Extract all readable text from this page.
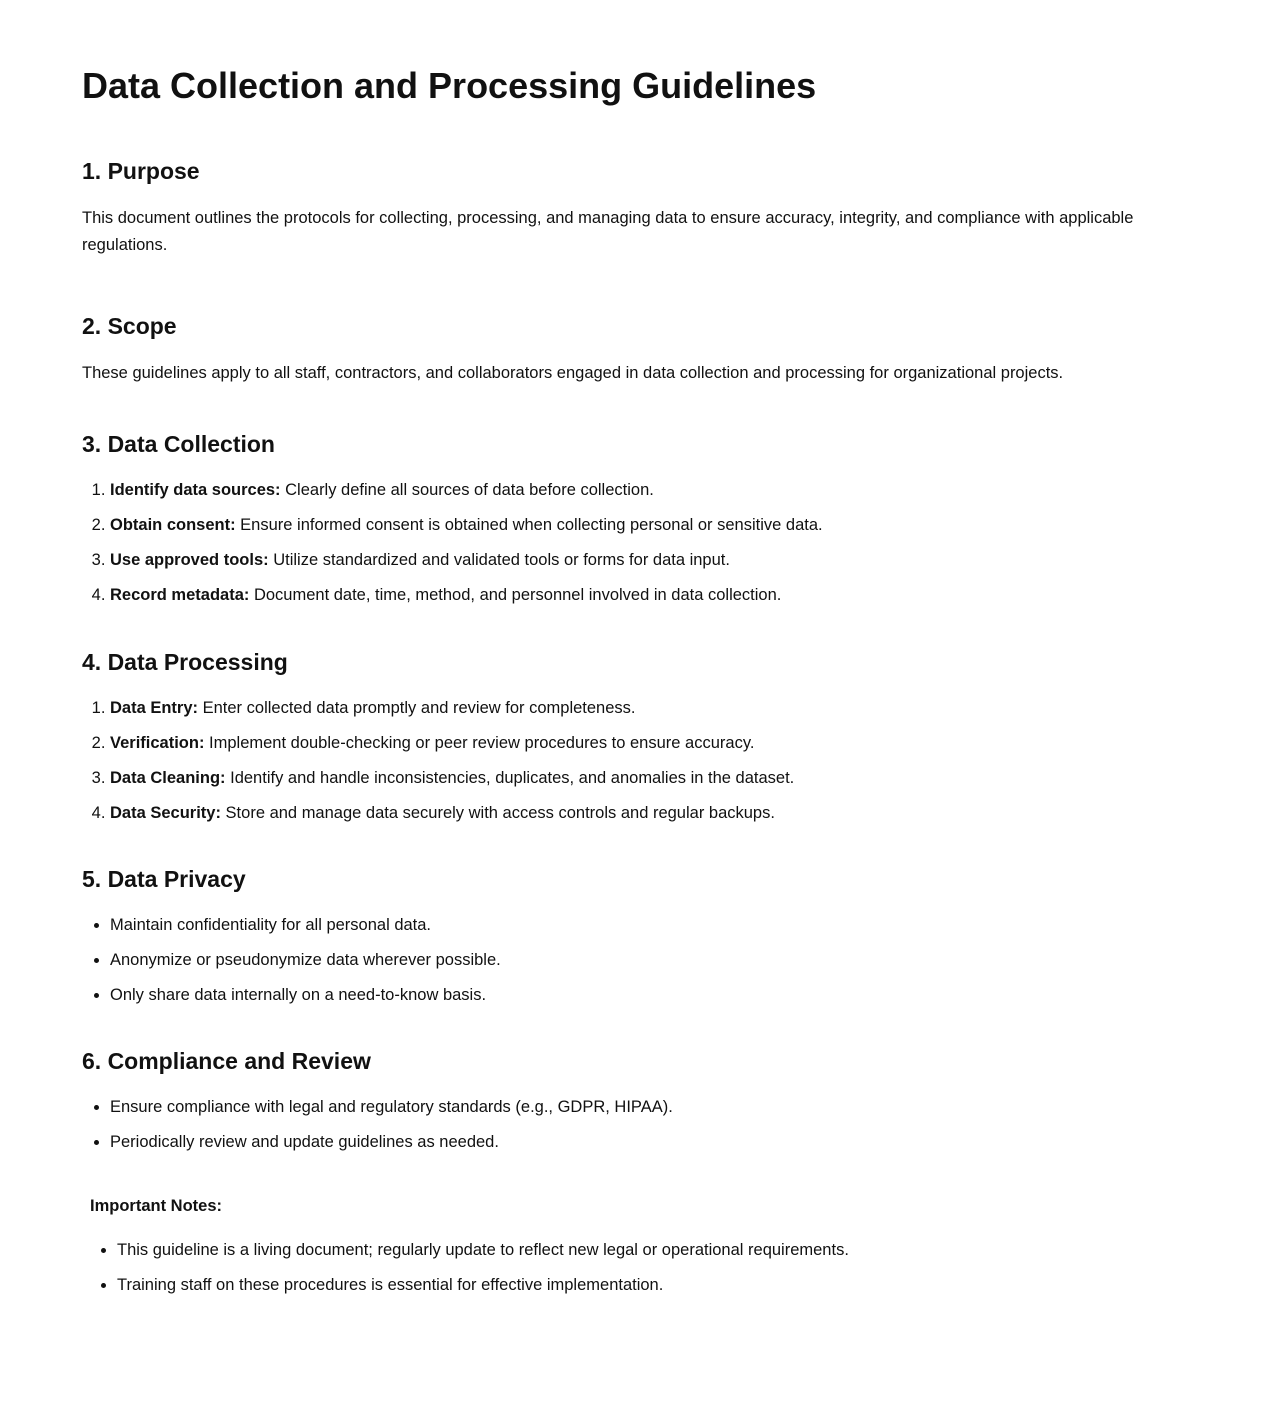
Data Collection and Processing Guidelines
1. Purpose

This document outlines the protocols for collecting, processing, and managing data to ensure accuracy, integrity, and compliance with applicable regulations.

2. Scope

These guidelines apply to all staff, contractors, and collaborators engaged in data collection and processing for organizational projects.

3. Data Collection
1. Identify data sources: Clearly define all sources of data before collection.
2. Obtain consent: Ensure informed consent is obtained when collecting personal or sensitive data.
3. Use approved tools: Utilize standardized and validated tools or forms for data input.
4. Record metadata: Document date, time, method, and personnel involved in data collection.
4. Data Processing
1. Data Entry: Enter collected data promptly and review for completeness.
2. Verification: Implement double-checking or peer review procedures to ensure accuracy.
3. Data Cleaning: Identify and handle inconsistencies, duplicates, and anomalies in the dataset.
4. Data Security: Store and manage data securely with access controls and regular backups.
5. Data Privacy
• Maintain confidentiality for all personal data.
• Anonymize or pseudonymize data wherever possible.
• Only share data internally on a need-to-know basis.
6. Compliance and Review
• Ensure compliance with legal and regulatory standards (e.g., GDPR, HIPAA).
• Periodically review and update guidelines as needed.
Important Notes:
• This guideline is a living document; regularly update to reflect new legal or operational requirements.
• Training staff on these procedures is essential for effective implementation.
